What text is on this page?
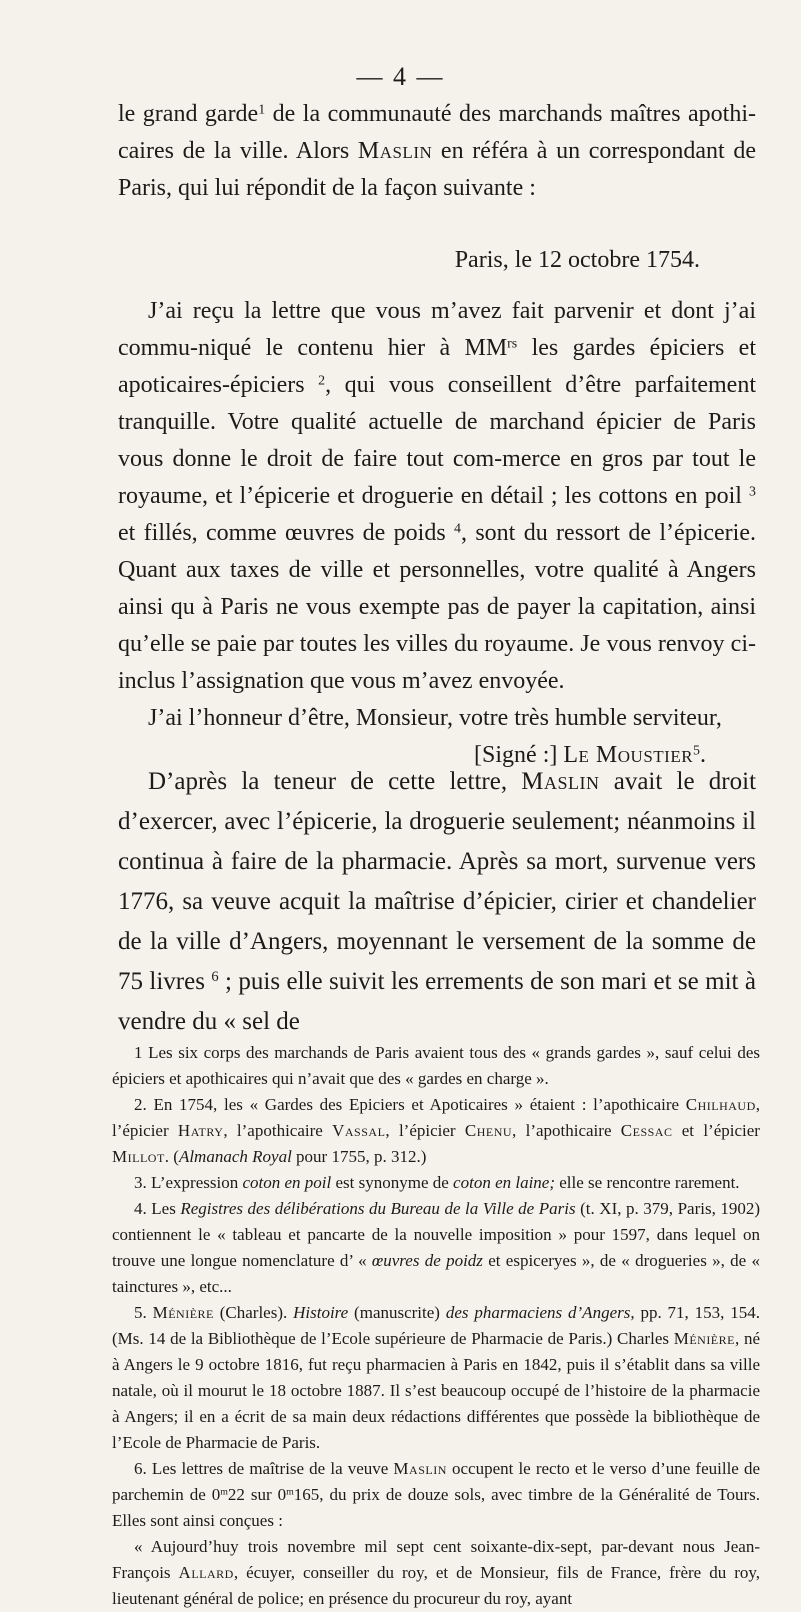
— 4 —

le grand garde$^1$ de la communauté des marchands maîtres apothi- caires de la ville. Alors Maslin en référa à un correspondant de Paris, qui lui répondit de la façon suivante :

Paris, le 12 octobre 1754.

J’ai reçu la lettre que vous m’avez fait parvenir et dont j’ai commu-niqué le contenu hier à $MM^{rs}$ les gardes épiciers et apoticaires-épiciers $^2$, qui vous conseillent d’être parfaitement tranquille. Votre qualité actuelle de marchand épicier de Paris vous donne le droit de faire tout com-merce en gros par tout le royaume, et l’épicerie et droguerie en détail ; les cottons en poil $^3$ et fillés, comme œuvres de poids $^4$, sont du ressort de l’épicerie. Quant aux taxes de ville et personnelles, votre qualité à Angers ainsi qu à Paris ne vous exempte pas de payer la capitation, ainsi qu’elle se paie par toutes les villes du royaume. Je vous renvoy ci-inclus l’assignation que vous m’avez envoyée.

J’ai l’honneur d’être, Monsieur, votre très humble serviteur,

[Signé :] Le Moustier$^5$.

D’après la teneur de cette lettre, Maslin avait le droit d’exercer, avec l’épicerie, la droguerie seulement; néanmoins il continua à faire de la pharmacie. Après sa mort, survenue vers 1776, sa veuve acquit la maîtrise d’épicier, cirier et chandelier de la ville d’Angers, moyennant le versement de la somme de 75 livres $^6$ ; puis elle suivit les errements de son mari et se mit à vendre du « sel de

1 Les six corps des marchands de Paris avaient tous des « grands gardes », sauf celui des épiciers et apothicaires qui n’avait que des « gardes en charge ».

2. En 1754, les « Gardes des Epiciers et Apoticaires » étaient : l’apothicaire Chilhaud, l’épicier Hatry, l’apothicaire Vassal, l’épicier Chenu, l’apothicaire Cessac et l’épicier Millot. (Almanach Royal pour 1755, p. 312.)

3. L’expression coton en poil est synonyme de coton en laine; elle se rencontre rarement.

4. Les Registres des délibérations du Bureau de la Ville de Paris (t. XI, p. 379, Paris, 1902) contiennent le « tableau et pancarte de la nouvelle imposition » pour 1597, dans lequel on trouve une longue nomenclature d’ « œuvres de poidz et espiceryes », de « drogueries », de « tainctures », etc...

5. Ménière (Charles). Histoire (manuscrite) des pharmaciens d’Angers, pp. 71, 153, 154. (Ms. 14 de la Bibliothèque de l’Ecole supérieure de Pharmacie de Paris.) Charles Ménière, né à Angers le 9 octobre 1816, fut reçu pharmacien à Paris en 1842, puis il s’établit dans sa ville natale, où il mourut le 18 octobre 1887. Il s’est beaucoup occupé de l’histoire de la pharmacie à Angers; il en a écrit de sa main deux rédactions différentes que possède la bibliothèque de l’Ecole de Pharmacie de Paris.

6. Les lettres de maîtrise de la veuve Maslin occupent le recto et le verso d’une feuille de parchemin de 0$^m$22 sur 0$^m$165, du prix de douze sols, avec timbre de la Généralité de Tours. Elles sont ainsi conçues :

« Aujourd’huy trois novembre mil sept cent soixante-dix-sept, par-devant nous Jean-François Allard, écuyer, conseiller du roy, et de Monsieur, fils de France, frère du roy, lieutenant général de police; en présence du procureur du roy, ayant
